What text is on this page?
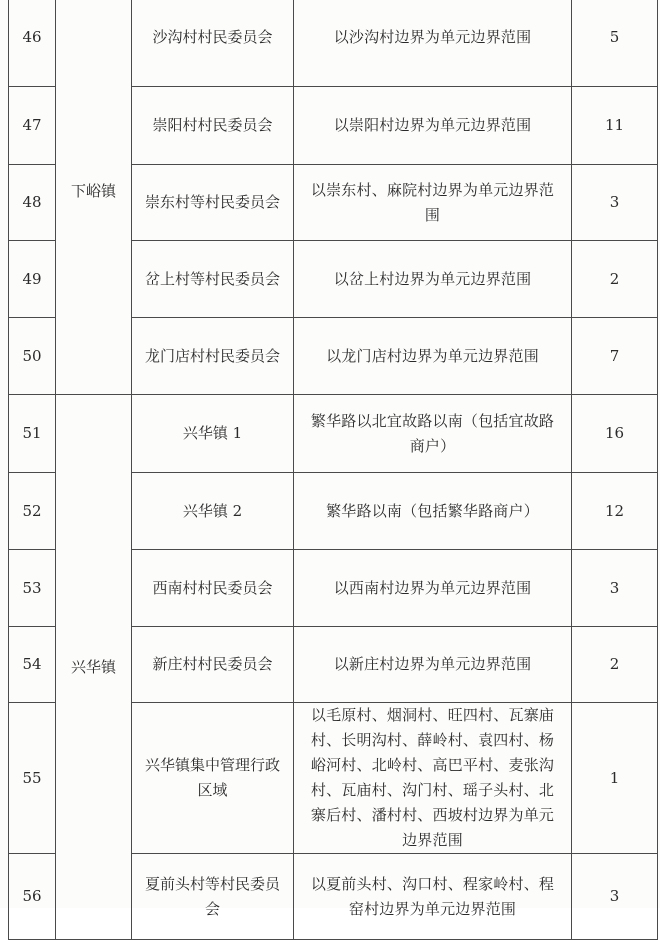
46	下峪镇	沙沟村村民委员会	以沙沟村边界为单元边界范围	5
47		崇阳村村民委员会	以崇阳村边界为单元边界范围	11
48		崇东村等村民委员会	以崇东村、麻院村边界为单元边界范围	3
49		岔上村等村民委员会	以岔上村边界为单元边界范围	2
50		龙门店村村民委员会	以龙门店村边界为单元边界范围	7
51	兴华镇	兴华镇 1	繁华路以北宜故路以南（包括宜故路商户）	16
52		兴华镇 2	繁华路以南（包括繁华路商户）	12
53		西南村村民委员会	以西南村边界为单元边界范围	3
54		新庄村村民委员会	以新庄村边界为单元边界范围	2
55		兴华镇集中管理行政区域	以毛原村、烟洞村、旺四村、瓦寨庙村、长明沟村、薛岭村、袁四村、杨峪河村、北岭村、高巴平村、麦张沟村、瓦庙村、沟门村、瑶子头村、北寨后村、潘村村、西坡村边界为单元边界范围	1
56		夏前头村等村民委员会	以夏前头村、沟口村、程家岭村、程窑村边界为单元边界范围	3
